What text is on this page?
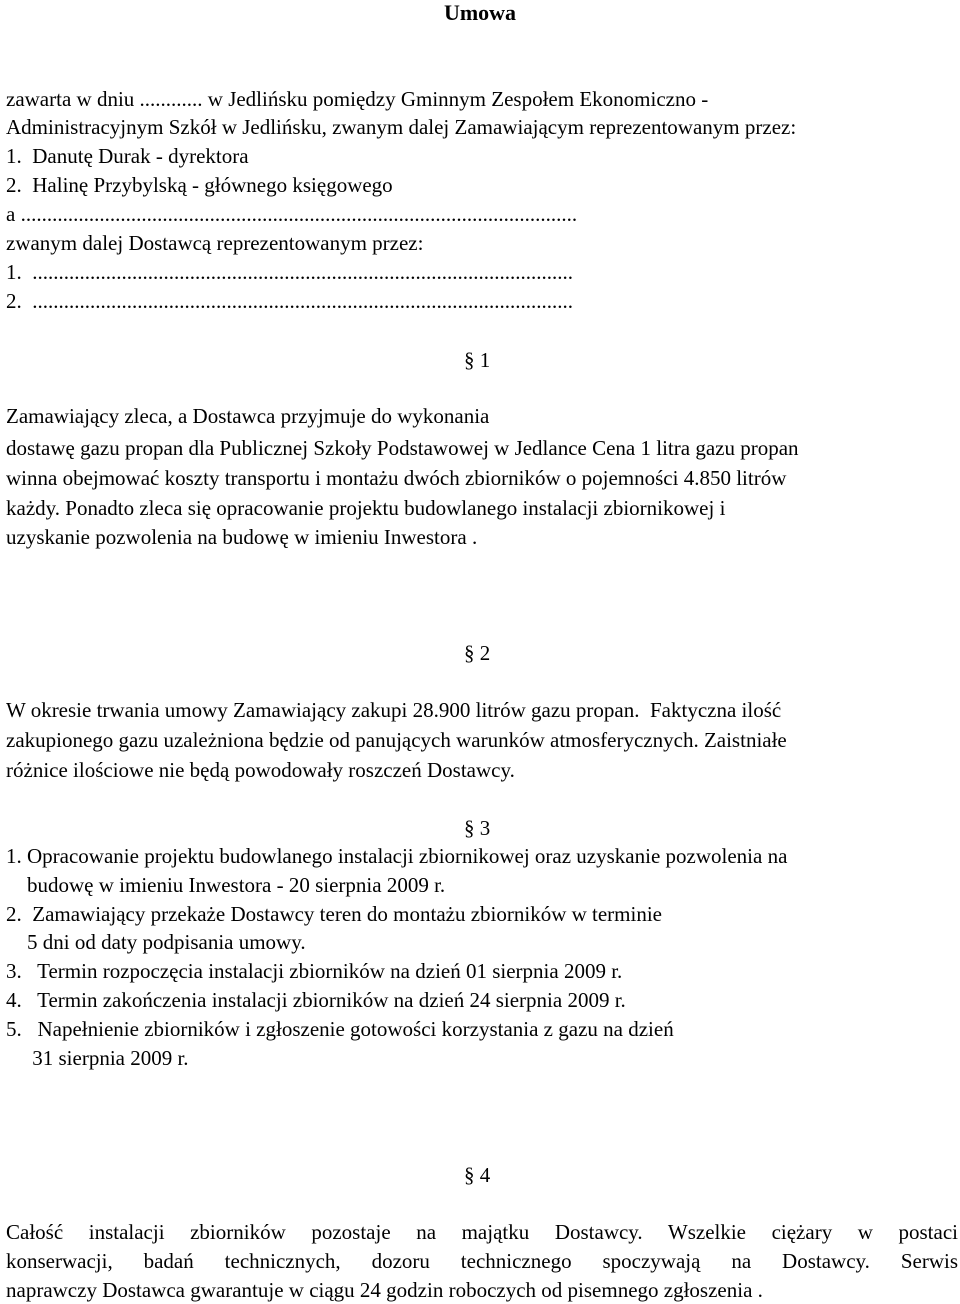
Umowa
zawarta w dniu ............ w Jedlińsku pomiędzy Gminnym Zespołem Ekonomiczno -
Administracyjnym Szkół w Jedlińsku, zwanym dalej Zamawiającym reprezentowanym przez:
1.  Danutę Durak - dyrektora
2.  Halinę Przybylską - głównego księgowego
a ..........................................................................................................
zwanym dalej Dostawcą reprezentowanym przez:
1.  .......................................................................................................
2.  .......................................................................................................
§ 1
Zamawiający zleca, a Dostawca przyjmuje do wykonania
dostawę gazu propan dla Publicznej Szkoły Podstawowej w Jedlance Cena 1 litra gazu propan
winna obejmować koszty transportu i montażu dwóch zbiorników o pojemności 4.850 litrów
każdy. Ponadto zleca się opracowanie projektu budowlanego instalacji zbiornikowej i
uzyskanie pozwolenia na budowę w imieniu Inwestora .
§ 2
W okresie trwania umowy Zamawiający zakupi 28.900 litrów gazu propan.  Faktyczna ilość
zakupionego gazu uzależniona będzie od panujących warunków atmosferycznych. Zaistniałe
różnice ilościowe nie będą powodowały roszczeń Dostawcy.
§ 3
1. Opracowanie projektu budowlanego instalacji zbiornikowej oraz uzyskanie pozwolenia na
budowę w imieniu Inwestora - 20 sierpnia 2009 r.
2.  Zamawiający przekaże Dostawcy teren do montażu zbiorników w terminie
5 dni od daty podpisania umowy.
3.   Termin rozpoczęcia instalacji zbiorników na dzień 01 sierpnia 2009 r.
4.   Termin zakończenia instalacji zbiorników na dzień 24 sierpnia 2009 r.
5.   Napełnienie zbiorników i zgłoszenie gotowości korzystania z gazu na dzień
31 sierpnia 2009 r.
§ 4
Całość instalacji zbiorników pozostaje na majątku Dostawcy. Wszelkie ciężary w postaci
konserwacji, badań technicznych, dozoru technicznego spoczywają na Dostawcy. Serwis
naprawczy Dostawca gwarantuje w ciągu 24 godzin roboczych od pisemnego zgłoszenia .
